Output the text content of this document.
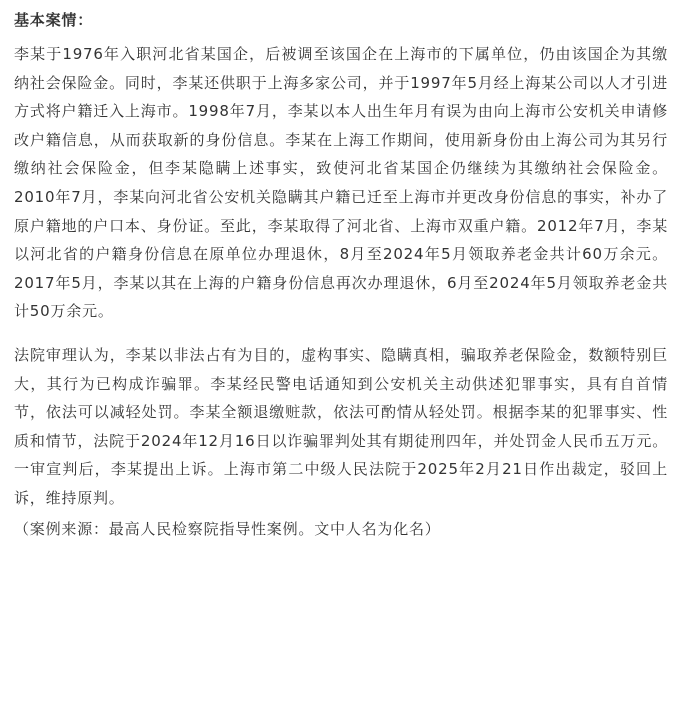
基本案情：

李某于1976年入职河北省某国企，后被调至该国企在上海市的下属单位，仍由该国企为其缴纳社会保险金。同时，李某还供职于上海多家公司，并于1997年5月经上海某公司以人才引进方式将户籍迁入上海市。1998年7月，李某以本人出生年月有误为由向上海市公安机关申请修改户籍信息，从而获取新的身份信息。李某在上海工作期间，使用新身份由上海公司为其另行缴纳社会保险金，但李某隐瞒上述事实，致使河北省某国企仍继续为其缴纳社会保险金。2010年7月，李某向河北省公安机关隐瞒其户籍已迁至上海市并更改身份信息的事实，补办了原户籍地的户口本、身份证。至此，李某取得了河北省、上海市双重户籍。2012年7月，李某以河北省的户籍身份信息在原单位办理退休，8月至2024年5月领取养老金共计60万余元。2017年5月，李某以其在上海的户籍身份信息再次办理退休，6月至2024年5月领取养老金共计50万余元。

法院审理认为，李某以非法占有为目的，虚构事实、隐瞒真相，骗取养老保险金，数额特别巨大，其行为已构成诈骗罪。李某经民警电话通知到公安机关主动供述犯罪事实，具有自首情节，依法可以减轻处罚。李某全额退缴赃款，依法可酌情从轻处罚。根据李某的犯罪事实、性质和情节，法院于2024年12月16日以诈骗罪判处其有期徒刑四年，并处罚金人民币五万元。一审宣判后，李某提出上诉。上海市第二中级人民法院于2025年2月21日作出裁定，驳回上诉，维持原判。

（案例来源：最高人民检察院指导性案例。文中人名为化名）
